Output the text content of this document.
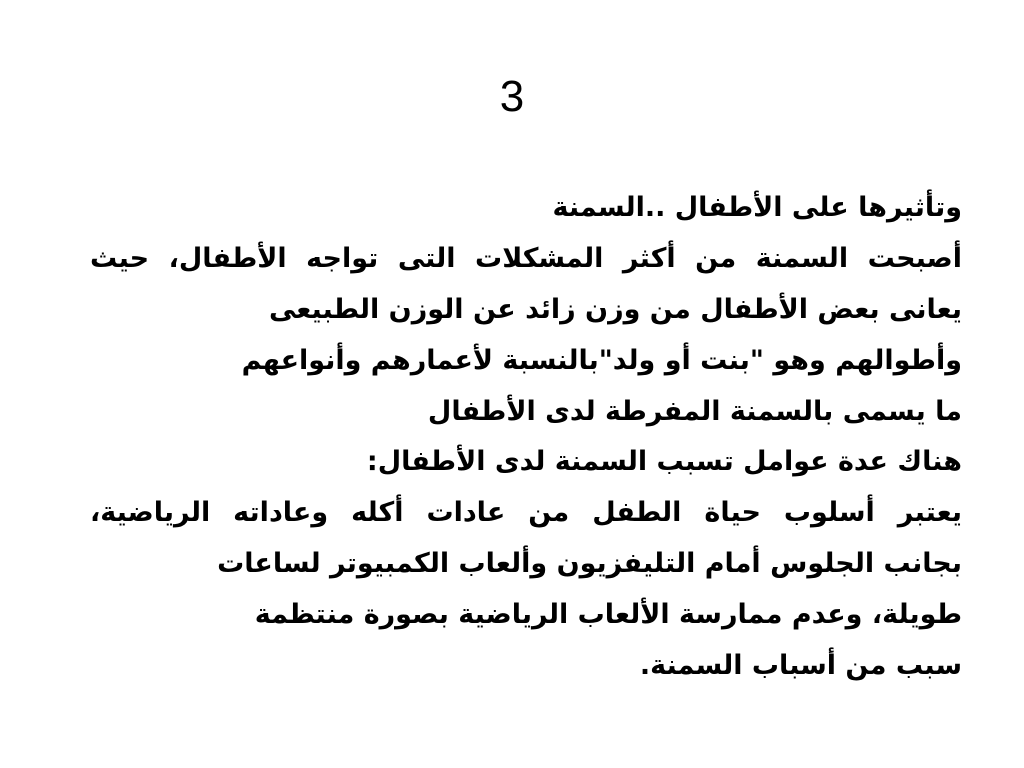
3
وتأثيرها على الأطفال ..السمنة
أصبحت السمنة من أكثر المشكلات التى تواجه الأطفال، حيث
يعانى بعض الأطفال من وزن زائد عن الوزن الطبيعى
وأطوالهم وهو "بنت أو ولد"بالنسبة لأعمارهم وأنواعهم
ما يسمى بالسمنة المفرطة لدى الأطفال
هناك عدة عوامل تسبب السمنة لدى الأطفال:
يعتبر أسلوب حياة الطفل من عادات أكله وعاداته الرياضية،
بجانب الجلوس أمام التليفزيون وألعاب الكمبيوتر لساعات
طويلة، وعدم ممارسة الألعاب الرياضية بصورة منتظمة
سبب من أسباب السمنة.
